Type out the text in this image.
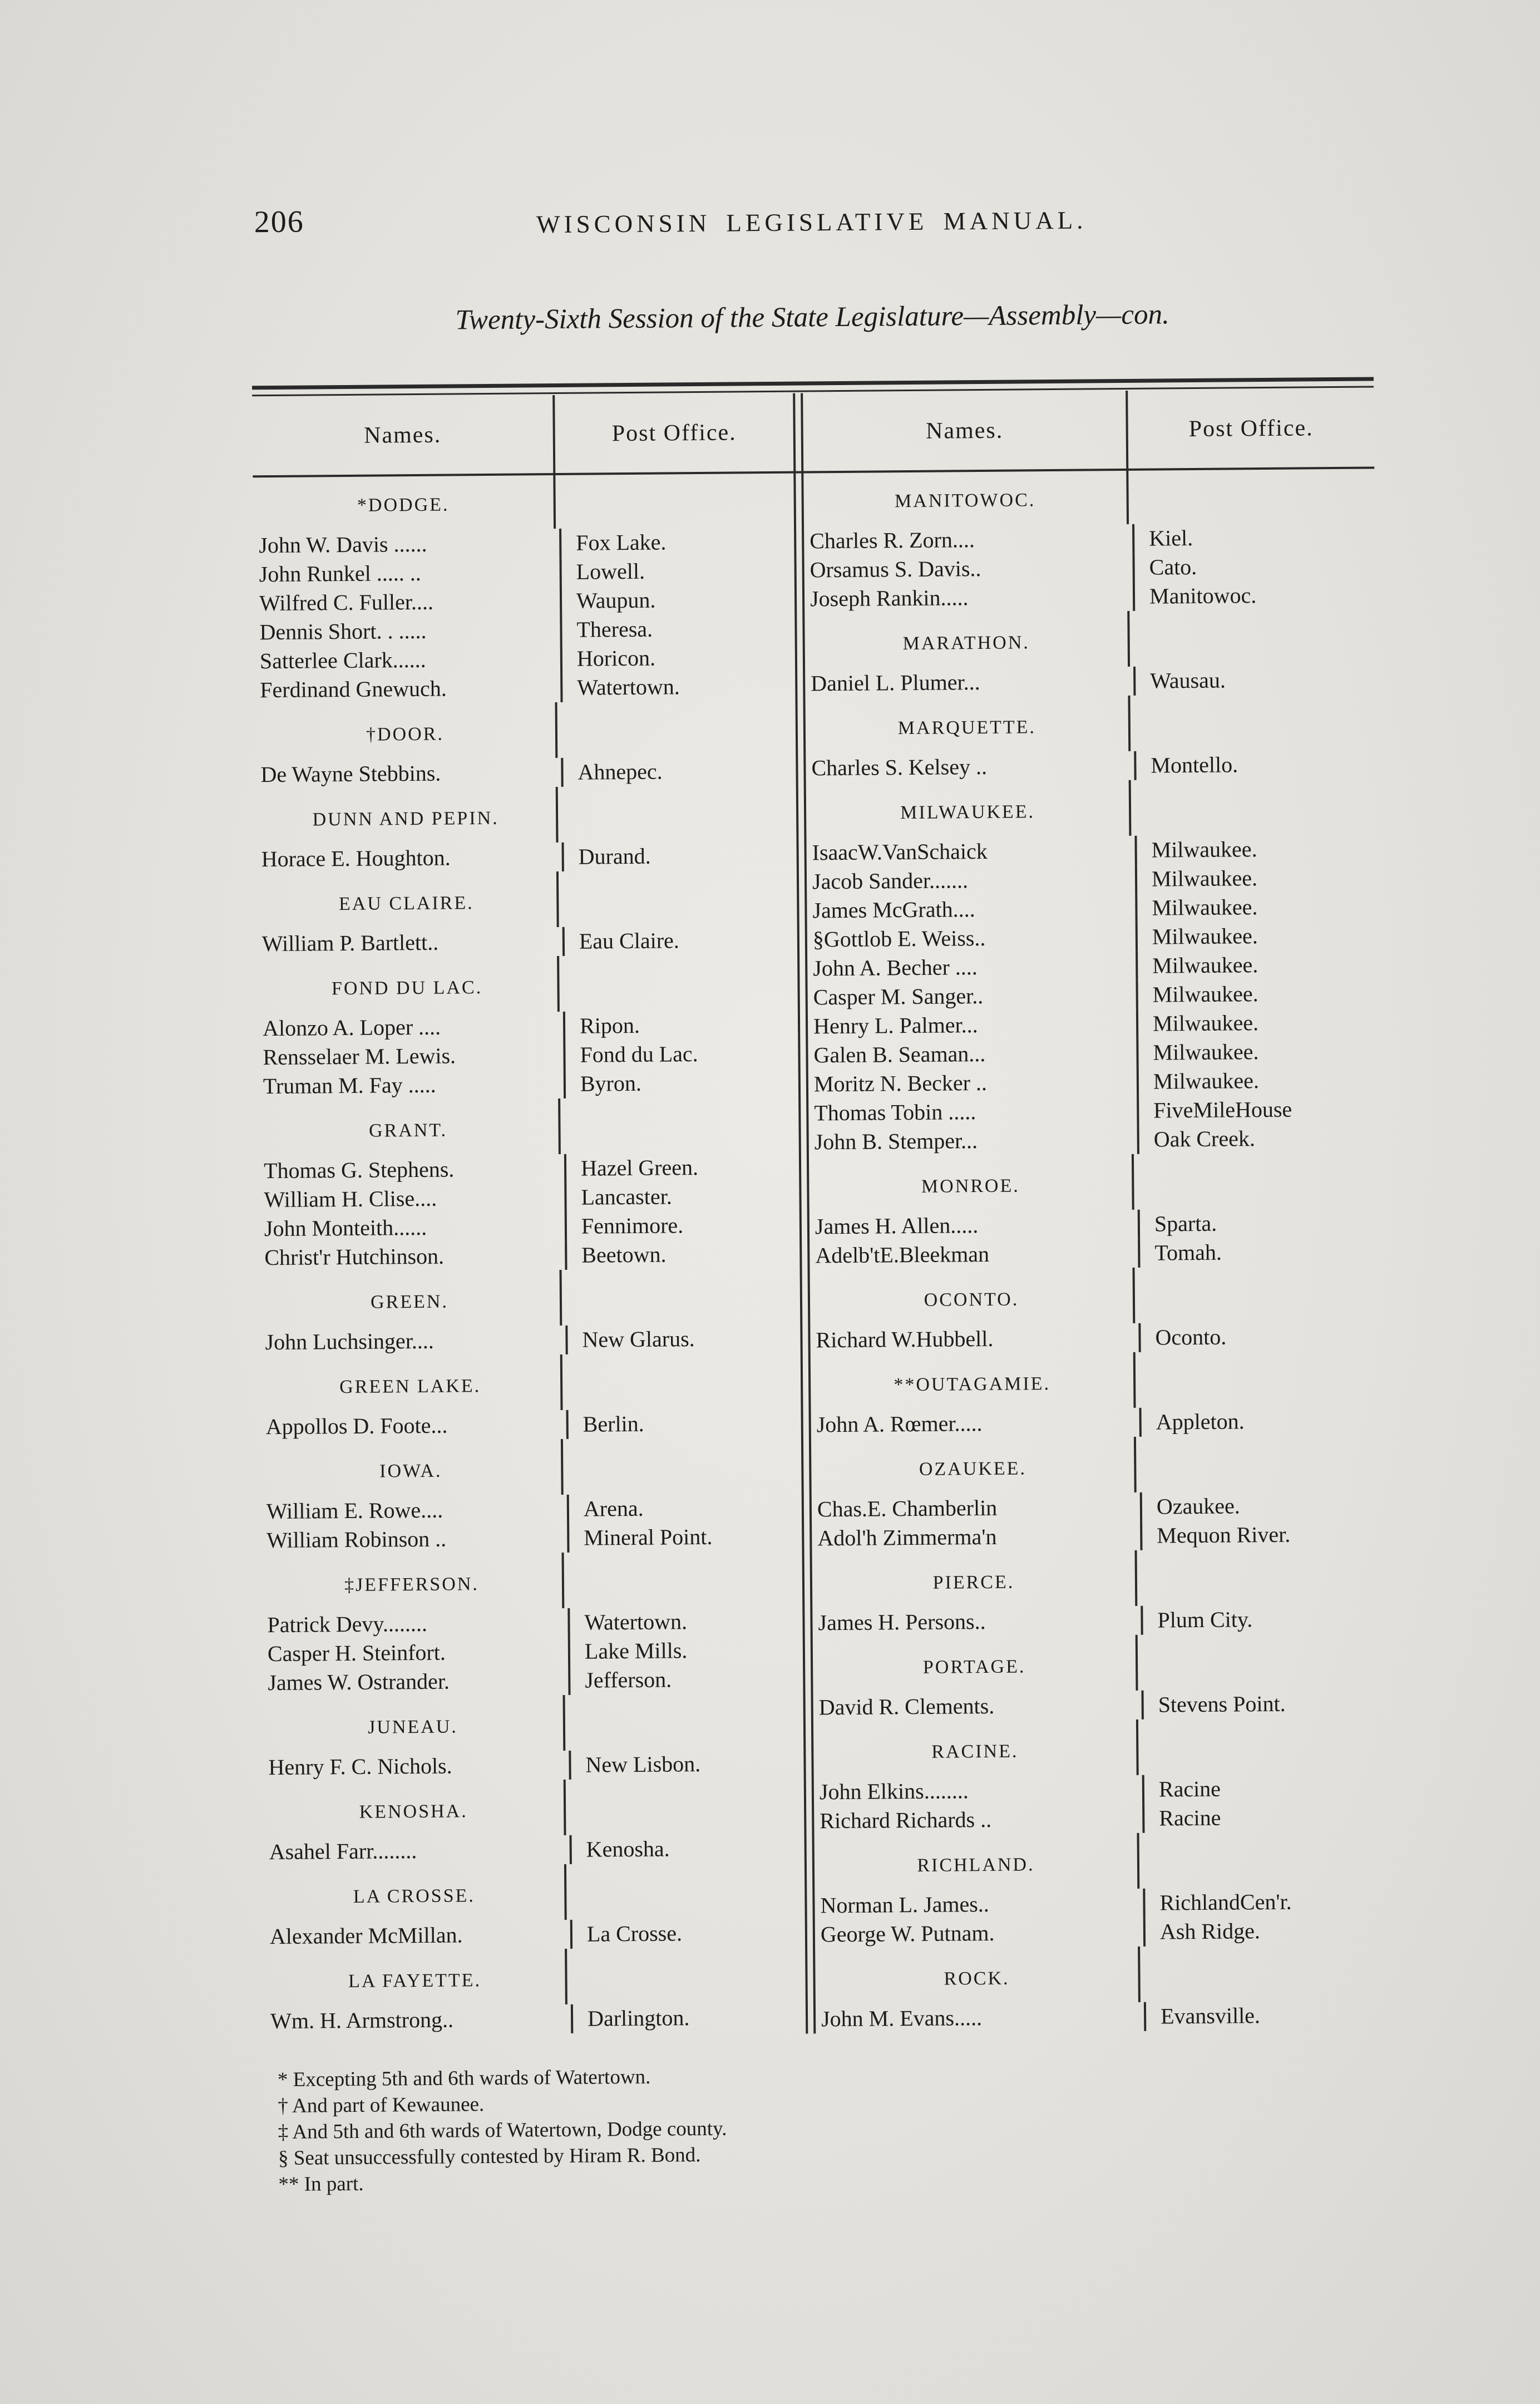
206	WISCONSIN LEGISLATIVE MANUAL.
Twenty-Sixth Session of the State Legislature—Assembly—con.
Names.	Post Office.
*DODGE.
John W. Davis ......	Fox Lake.
John Runkel ..... ..	Lowell.
Wilfred C. Fuller....	Waupun.
Dennis Short. . .....	Theresa.
Satterlee Clark......	Horicon.
Ferdinand Gnewuch.	Watertown.
†DOOR.
De Wayne Stebbins.	Ahnepec.
DUNN AND PEPIN.
Horace E. Houghton.	Durand.
EAU CLAIRE.
William P. Bartlett..	Eau Claire.
FOND DU LAC.
Alonzo A. Loper ....	Ripon.
Rensselaer M. Lewis.	Fond du Lac.
Truman M. Fay .....	Byron.
GRANT.
Thomas G. Stephens.	Hazel Green.
William H. Clise....	Lancaster.
John Monteith......	Fennimore.
Christ'r Hutchinson.	Beetown.
GREEN.
John Luchsinger....	New Glarus.
GREEN LAKE.
Appollos D. Foote...	Berlin.
IOWA.
William E. Rowe....	Arena.
William Robinson ..	Mineral Point.
‡JEFFERSON.
Patrick Devy........	Watertown.
Casper H. Steinfort.	Lake Mills.
James W. Ostrander.	Jefferson.
JUNEAU.
Henry F. C. Nichols.	New Lisbon.
KENOSHA.
Asahel Farr........	Kenosha.
LA CROSSE.
Alexander McMillan.	La Crosse.
LA FAYETTE.
Wm. H. Armstrong..	Darlington.
Names.	Post Office.
MANITOWOC.
Charles R. Zorn....	Kiel.
Orsamus S. Davis..	Cato.
Joseph Rankin.....	Manitowoc.
MARATHON.
Daniel L. Plumer...	Wausau.
MARQUETTE.
Charles S. Kelsey ..	Montello.
MILWAUKEE.
IsaacW.VanSchaick	Milwaukee.
Jacob Sander.......	Milwaukee.
James McGrath....	Milwaukee.
§Gottlob E. Weiss..	Milwaukee.
John A. Becher ....	Milwaukee.
Casper M. Sanger..	Milwaukee.
Henry L. Palmer...	Milwaukee.
Galen B. Seaman...	Milwaukee.
Moritz N. Becker ..	Milwaukee.
Thomas Tobin .....	FiveMileHouse
John B. Stemper...	Oak Creek.
MONROE.
James H. Allen.....	Sparta.
Adelb'tE.Bleekman	Tomah.
OCONTO.
Richard W.Hubbell.	Oconto.
**OUTAGAMIE.
John A. Rœmer.....	Appleton.
OZAUKEE.
Chas.E. Chamberlin	Ozaukee.
Adol'h Zimmerma'n	Mequon River.
PIERCE.
James H. Persons..	Plum City.
PORTAGE.
David R. Clements.	Stevens Point.
RACINE.
John Elkins........	Racine
Richard Richards ..	Racine
RICHLAND.
Norman L. James..	RichlandCen'r.
George W. Putnam.	Ash Ridge.
ROCK.
John M. Evans.....	Evansville.
* Excepting 5th and 6th wards of Watertown.
† And part of Kewaunee.
‡ And 5th and 6th wards of Watertown, Dodge county.
§ Seat unsuccessfully contested by Hiram R. Bond.
** In part.
